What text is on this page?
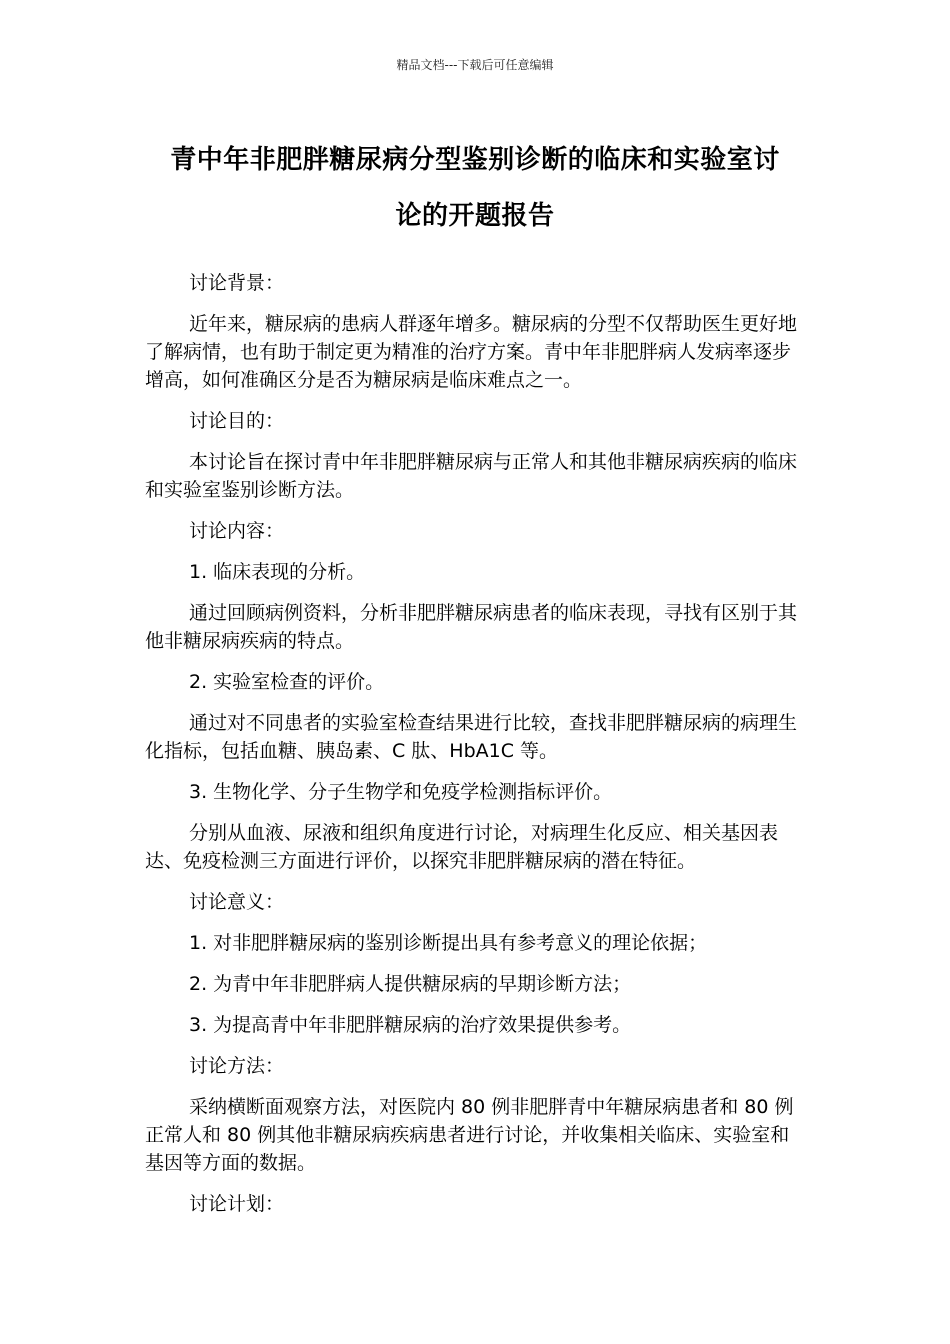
精品文档---下载后可任意编辑
青中年非肥胖糖尿病分型鉴别诊断的临床和实验室讨
论的开题报告

讨论背景：

近年来，糖尿病的患病人群逐年增多。糖尿病的分型不仅帮助医生更好地了解病情，也有助于制定更为精准的治疗方案。青中年非肥胖病人发病率逐步增高，如何准确区分是否为糖尿病是临床难点之一。

讨论目的：

本讨论旨在探讨青中年非肥胖糖尿病与正常人和其他非糖尿病疾病的临床和实验室鉴别诊断方法。

讨论内容：

1. 临床表现的分析。

通过回顾病例资料，分析非肥胖糖尿病患者的临床表现，寻找有区别于其他非糖尿病疾病的特点。

2. 实验室检查的评价。

通过对不同患者的实验室检查结果进行比较，查找非肥胖糖尿病的病理生化指标，包括血糖、胰岛素、C 肽、HbA1C 等。

3. 生物化学、分子生物学和免疫学检测指标评价。

分别从血液、尿液和组织角度进行讨论，对病理生化反应、相关基因表达、免疫检测三方面进行评价，以探究非肥胖糖尿病的潜在特征。

讨论意义：

1. 对非肥胖糖尿病的鉴别诊断提出具有参考意义的理论依据；

2. 为青中年非肥胖病人提供糖尿病的早期诊断方法；

3. 为提高青中年非肥胖糖尿病的治疗效果提供参考。

讨论方法：

采纳横断面观察方法，对医院内 80 例非肥胖青中年糖尿病患者和 80 例正常人和 80 例其他非糖尿病疾病患者进行讨论，并收集相关临床、实验室和基因等方面的数据。

讨论计划：
